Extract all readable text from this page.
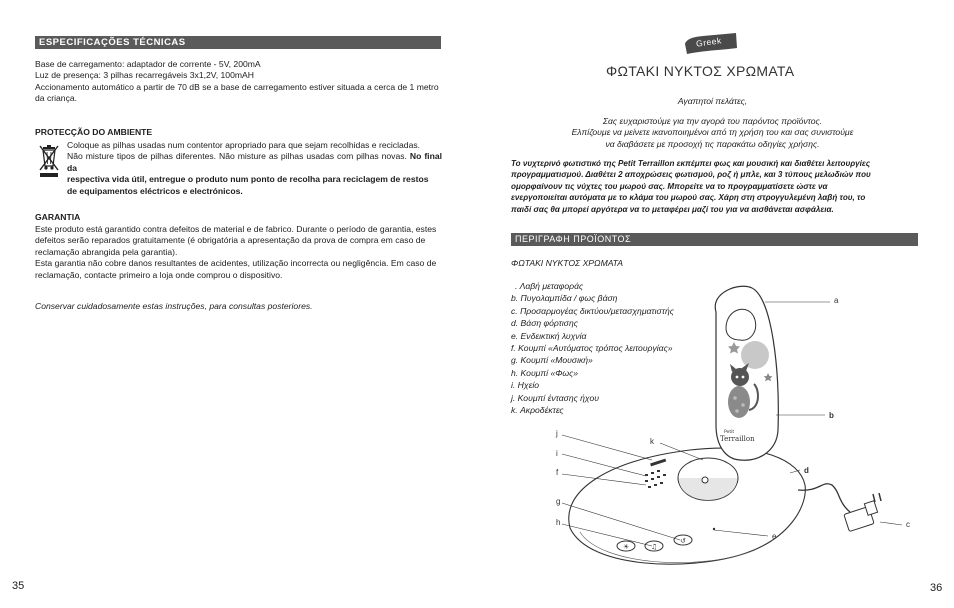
ESPECIFICAÇÕES TÉCNICAS
Base de carregamento: adaptador de corrente - 5V, 200mA
Luz de presença: 3 pilhas recarregáveis 3x1,2V, 100mAH
Accionamento automático a partir de 70 dB se a base de carregamento estiver situada a cerca de 1 metro
da criança.
PROTECÇÃO DO AMBIENTE
Coloque as pilhas usadas num contentor apropriado para que sejam recolhidas e recicladas.
Não misture tipos de pilhas diferentes. Não misture as pilhas usadas com pilhas novas. No final da
respectiva vida útil, entregue o produto num ponto de recolha para reciclagem de restos
de equipamentos eléctricos e electrónicos.
GARANTIA
Este produto está garantido contra defeitos de material e de fabrico. Durante o período de garantia, estes
defeitos serão reparados gratuitamente (é obrigatória a apresentação da prova de compra em caso de
reclamação abrangida pela garantia).
Esta garantia não cobre danos resultantes de acidentes, utilização incorrecta ou negligência. Em caso de
reclamação, contacte primeiro a loja onde comprou o dispositivo.
Conservar cuidadosamente estas instruções, para consultas posteriores.
35
Greek
ΦΩΤΑΚΙ ΝΥΚΤΟΣ ΧΡΩΜΑΤΑ
Αγαπητοί πελάτες,
Σας ευχαριστούμε για την αγορά του παρόντος προϊόντος.
Ελπίζουμε να μείνετε ικανοποιημένοι από τη χρήση του και σας συνιστούμε
να διαβάσετε με προσοχή τις παρακάτω οδηγίες χρήσης.
Το νυχτερινό φωτιστικό της Petit Terraillon εκπέμπει φως και μουσική και διαθέτει λειτουργίες
προγραμματισμού. Διαθέτει 2 αποχρώσεις φωτισμού, ροζ ή μπλε, και 3 τύπους μελωδιών που
ομορφαίνουν τις νύχτες του μωρού σας. Μπορείτε να το προγραμματίσετε ώστε να
ενεργοποιείται αυτόματα με το κλάμα του μωρού σας. Χάρη στη στρογγυλεμένη λαβή του, το
παιδί σας θα μπορεί αργότερα να το μεταφέρει μαζί του για να αισθάνεται ασφάλεια.
ΠΕΡΙΓΡΑΦΗ ΠΡΟΪΟΝΤΟΣ
ΦΩΤΑΚΙ ΝΥΚΤΟΣ ΧΡΩΜΑΤΑ
. Λαβή μεταφοράς
b. Πυγολαμπίδα / φως βάση
c. Προσαρμογέας δικτύου/μετασχηματιστής
d. Βάση φόρτισης
e. Ενδεικτική λυχνία
f. Κουμπί «Αυτόματος τρόπος λειτουργίας»
g. Κουμπί «Μουσική»
h. Κουμπί «Φως»
i. Ηχείο
j. Κουμπί έντασης ήχου
k. Ακροδέκτες
☀	♫
↺
Petit
Terraillon
a
b
c
d
e
f
g
h
i
j
k
36
